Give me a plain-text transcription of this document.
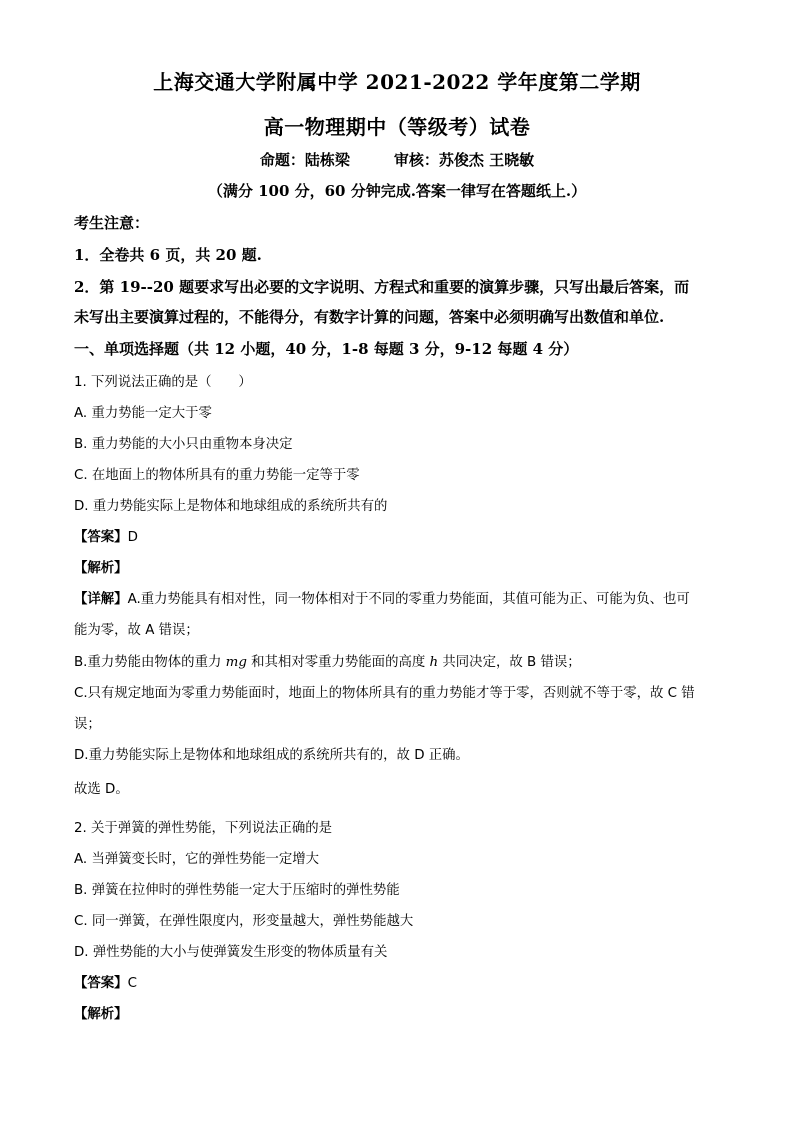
上海交通大学附属中学 2021-2022 学年度第二学期
高一物理期中（等级考）试卷
命题：陆栋梁	审核：苏俊杰 王晓敏
（满分 100 分，60 分钟完成.答案一律写在答题纸上.）
考生注意：
1．全卷共 6 页，共 20 题.
2．第 19--20 题要求写出必要的文字说明、方程式和重要的演算步骤，只写出最后答案，而
未写出主要演算过程的，不能得分，有数字计算的问题，答案中必须明确写出数值和单位.
一、单项选择题（共 12 小题，40 分，1-8 每题 3 分，9-12 每题 4 分）
1. 下列说法正确的是（　　）
A. 重力势能一定大于零
B. 重力势能的大小只由重物本身决定
C. 在地面上的物体所具有的重力势能一定等于零
D. 重力势能实际上是物体和地球组成的系统所共有的
【答案】D
【解析】
【详解】A.重力势能具有相对性，同一物体相对于不同的零重力势能面，其值可能为正、可能为负、也可
能为零，故 A 错误；
B.重力势能由物体的重力 mg 和其相对零重力势能面的高度 h 共同决定，故 B 错误；
C.只有规定地面为零重力势能面时，地面上的物体所具有的重力势能才等于零，否则就不等于零，故 C 错
误；
D.重力势能实际上是物体和地球组成的系统所共有的，故 D 正确。
故选 D。
2. 关于弹簧的弹性势能，下列说法正确的是
A. 当弹簧变长时，它的弹性势能一定增大
B. 弹簧在拉伸时的弹性势能一定大于压缩时的弹性势能
C. 同一弹簧，在弹性限度内，形变量越大，弹性势能越大
D. 弹性势能的大小与使弹簧发生形变的物体质量有关
【答案】C
【解析】
